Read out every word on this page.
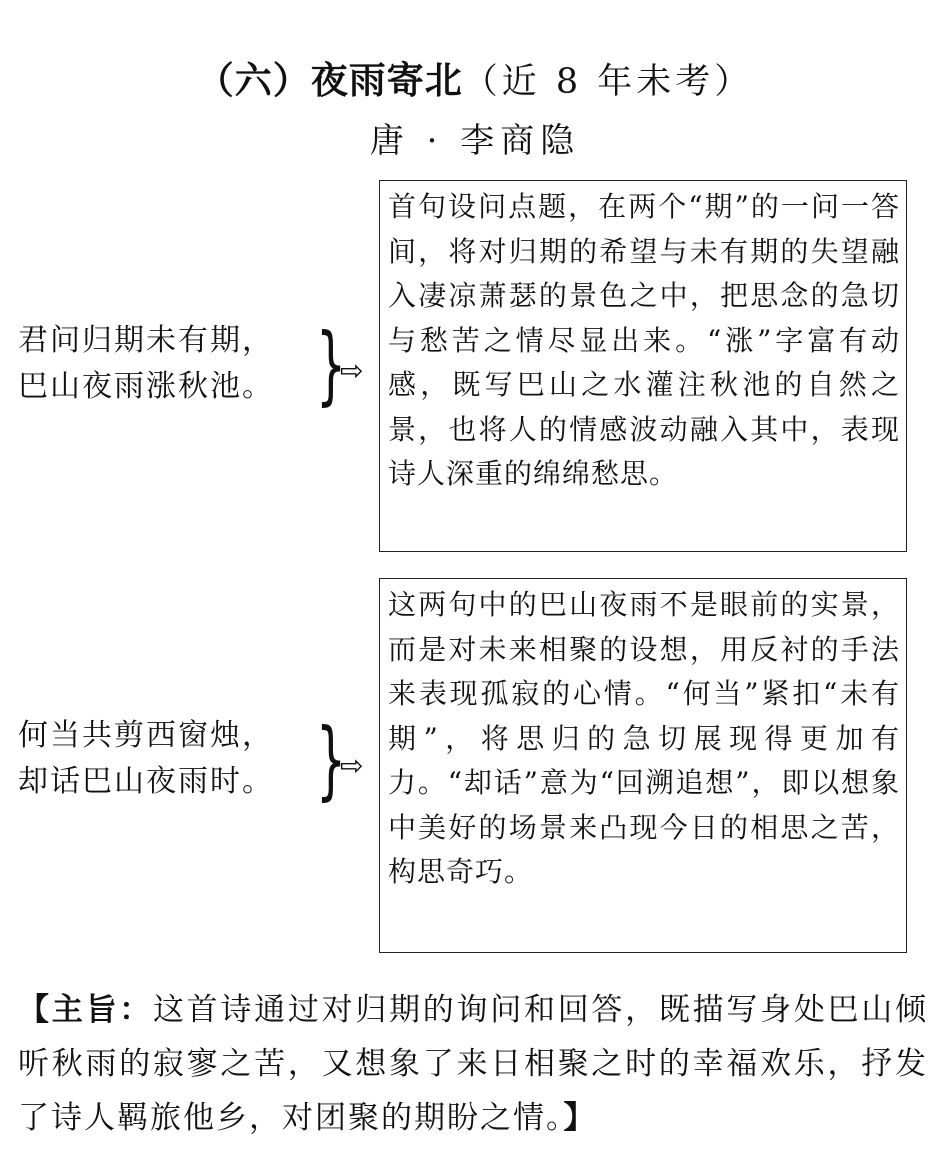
（六）夜雨寄北（近 8 年未考）
唐 · 李商隐
君问归期未有期，
巴山夜雨涨秋池。 }
⇨

首句设问点题，在两个“期”的一问一答间，将对归期的希望与未有期的失望融入凄凉萧瑟的景色之中，把思念的急切与愁苦之情尽显出来。“涨”字富有动感，既写巴山之水灌注秋池的自然之景，也将人的情感波动融入其中，表现诗人深重的绵绵愁思。

何当共剪西窗烛，
却话巴山夜雨时。 }
⇨

这两句中的巴山夜雨不是眼前的实景，而是对未来相聚的设想，用反衬的手法来表现孤寂的心情。“何当”紧扣“未有期”，将思归的急切展现得更加有力。“却话”意为“回溯追想”，即以想象中美好的场景来凸现今日的相思之苦，构思奇巧。

【主旨：这首诗通过对归期的询问和回答，既描写身处巴山倾听秋雨的寂寥之苦，又想象了来日相聚之时的幸福欢乐，抒发了诗人羁旅他乡，对团聚的期盼之情。】
